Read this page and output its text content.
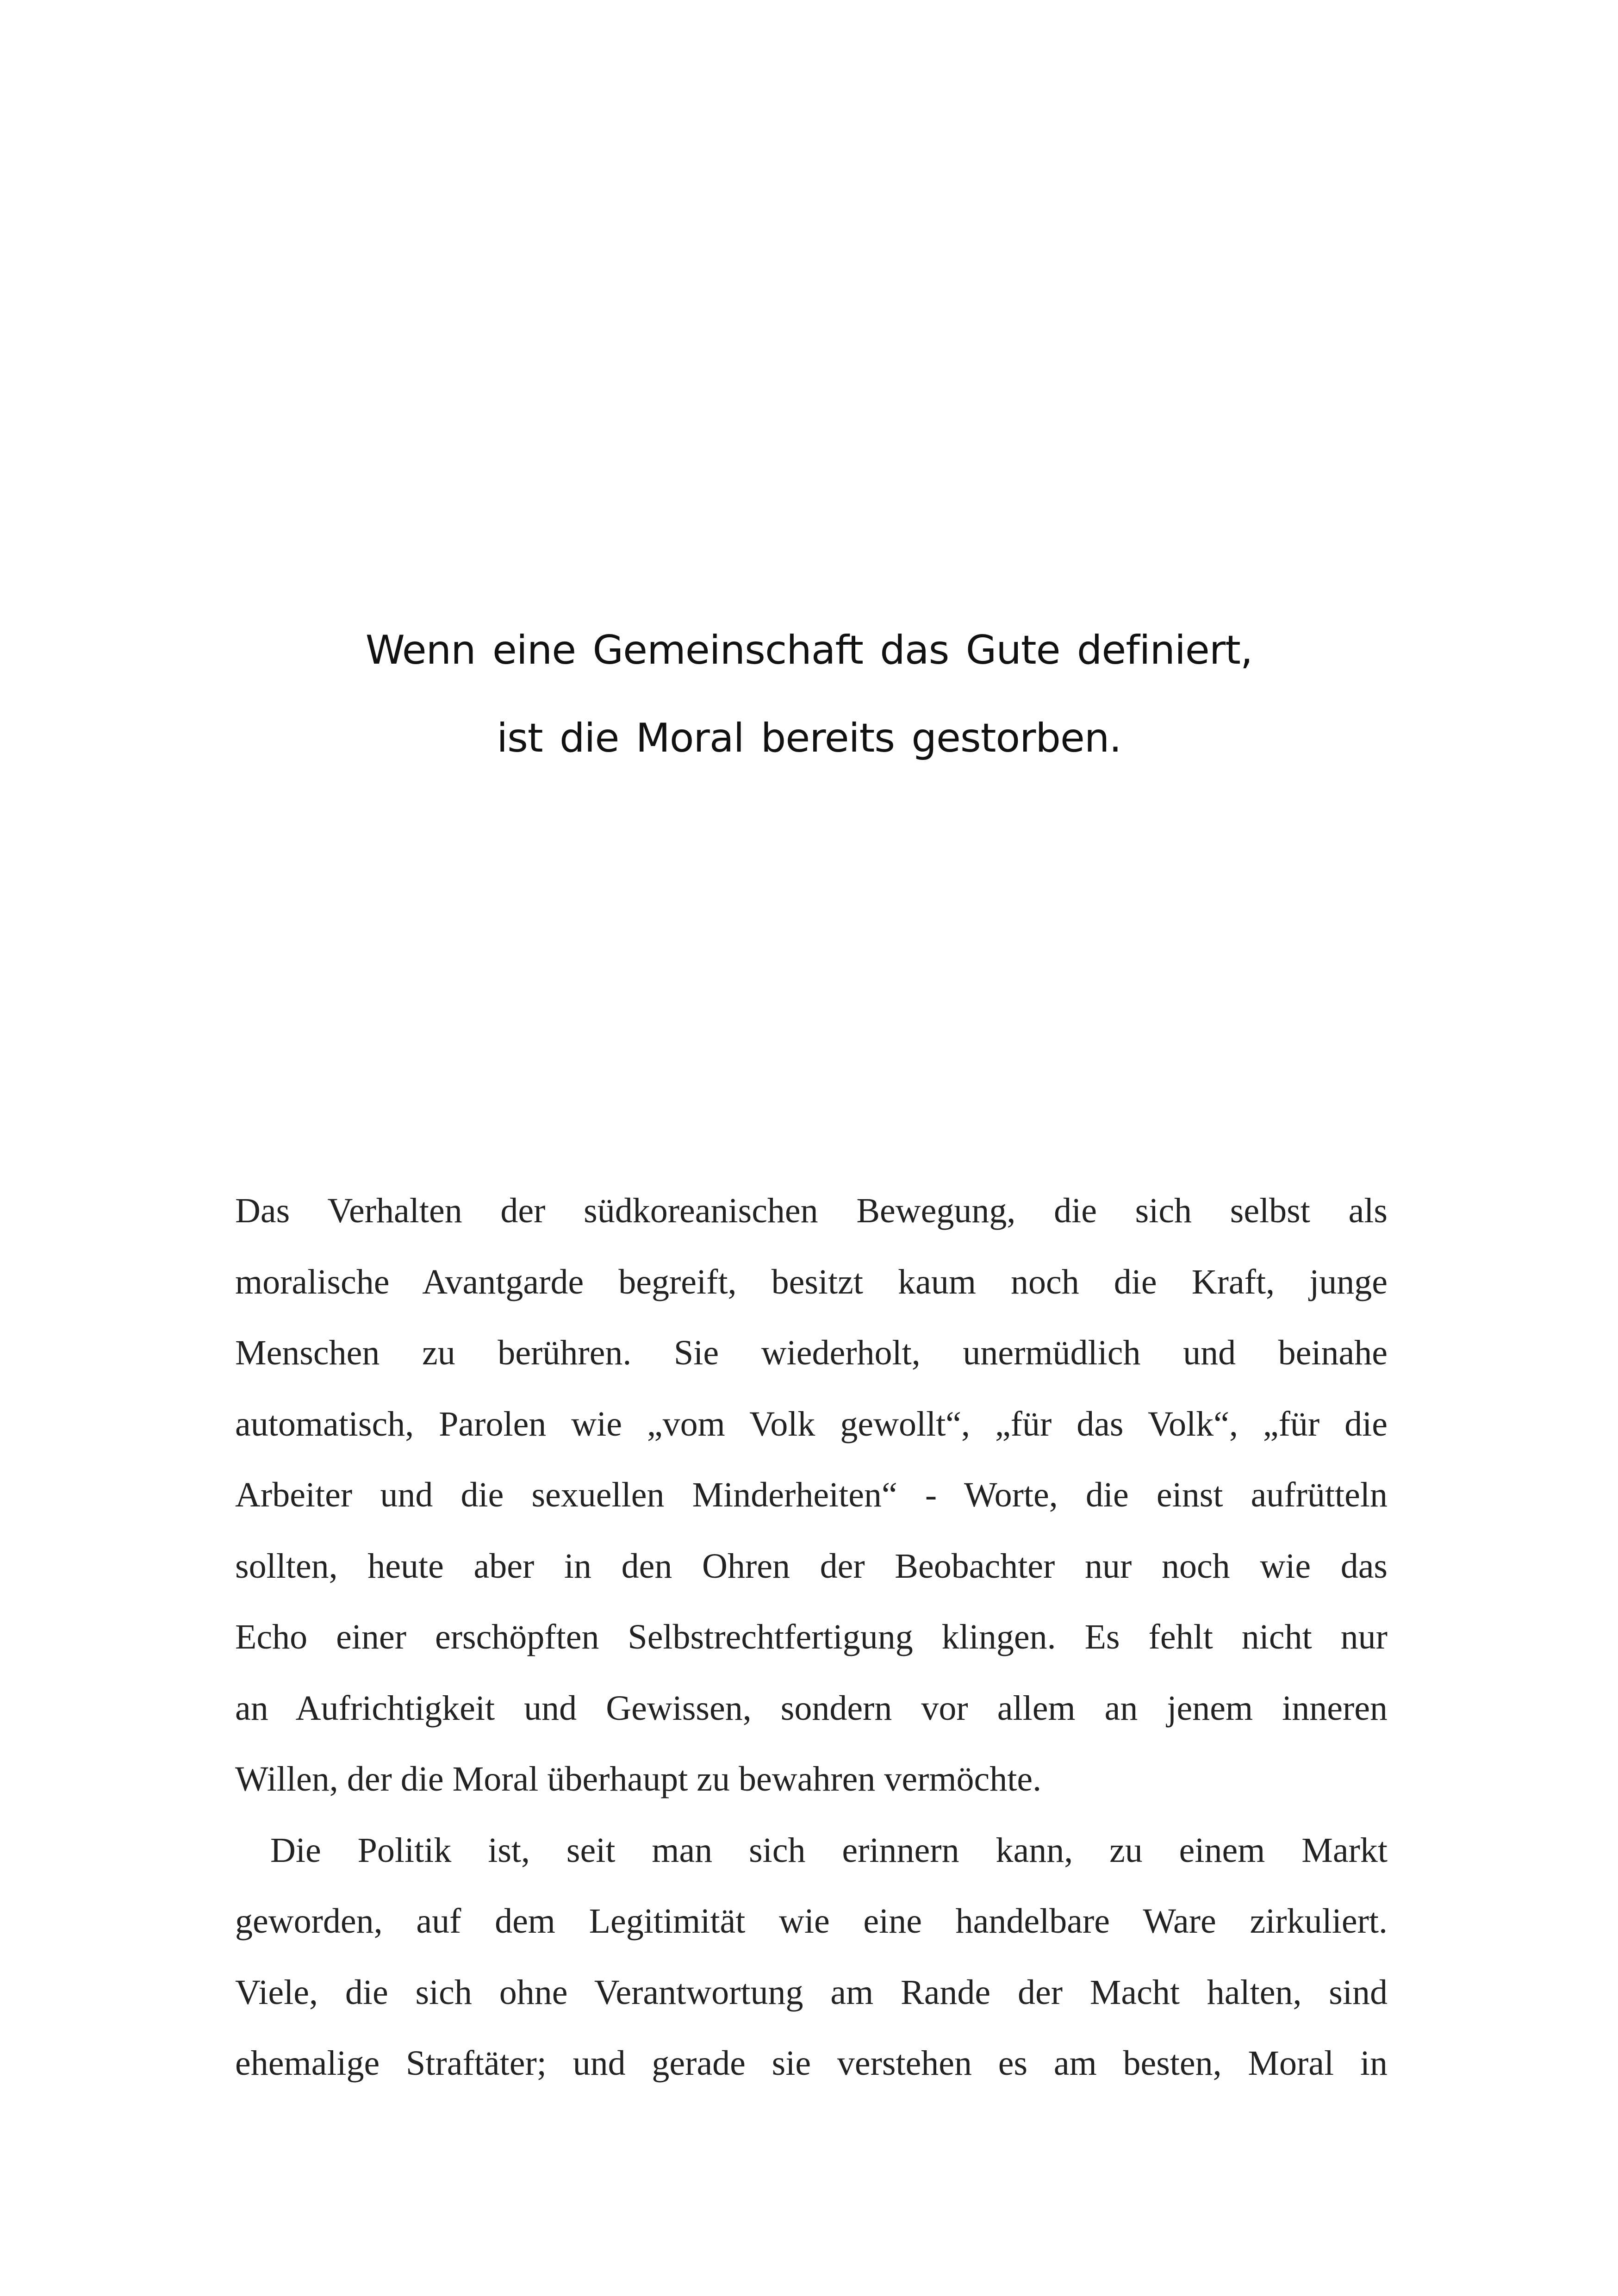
Wenn eine Gemeinschaft das Gute definiert,
ist die Moral bereits gestorben.
Das Verhalten der südkoreanischen Bewegung, die sich selbst als
moralische Avantgarde begreift, besitzt kaum noch die Kraft, junge
Menschen zu berühren. Sie wiederholt, unermüdlich und beinahe
automatisch, Parolen wie „vom Volk gewollt“, „für das Volk“, „für die
Arbeiter und die sexuellen Minderheiten“ - Worte, die einst aufrütteln
sollten, heute aber in den Ohren der Beobachter nur noch wie das
Echo einer erschöpften Selbstrechtfertigung klingen. Es fehlt nicht nur
an Aufrichtigkeit und Gewissen, sondern vor allem an jenem inneren
Willen, der die Moral überhaupt zu bewahren vermöchte.
Die Politik ist, seit man sich erinnern kann, zu einem Markt
geworden, auf dem Legitimität wie eine handelbare Ware zirkuliert.
Viele, die sich ohne Verantwortung am Rande der Macht halten, sind
ehemalige Straftäter; und gerade sie verstehen es am besten, Moral in
